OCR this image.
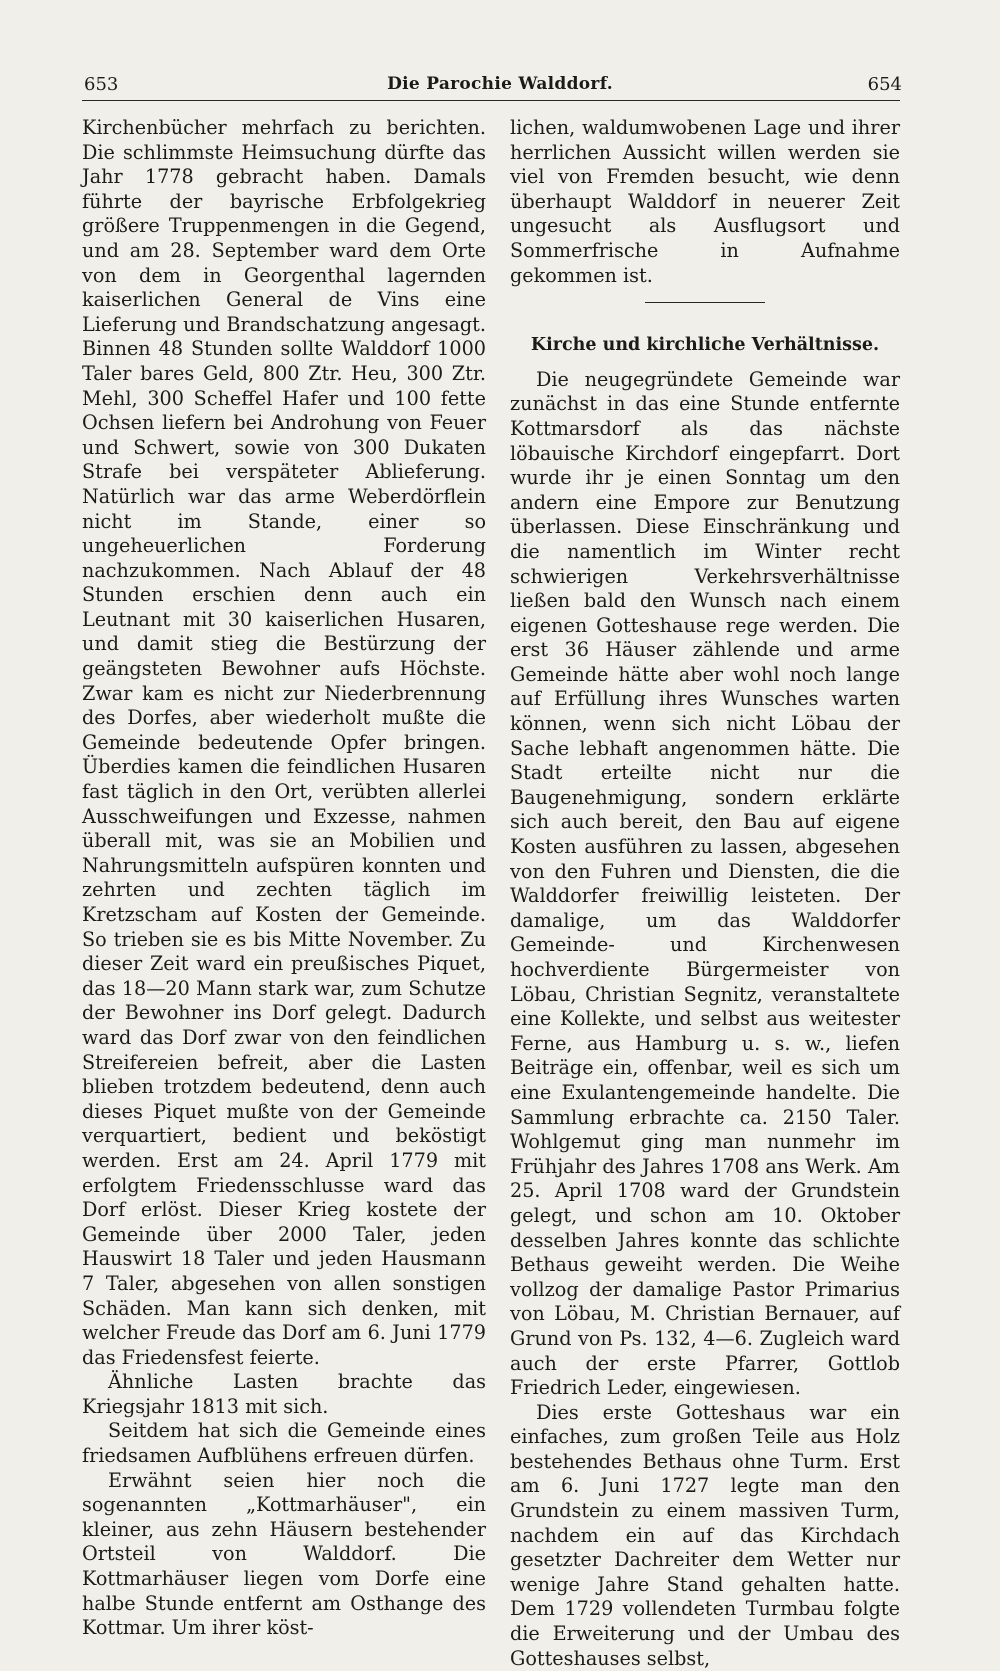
653	Die Parochie Walddorf.	654

Kirchenbücher mehrfach zu berichten. Die schlimmste Heimsuchung dürfte das Jahr 1778 gebracht haben. Damals führte der bayrische Erbfolgekrieg größere Truppenmengen in die Gegend, und am 28. September ward dem Orte von dem in Georgenthal lagernden kaiserlichen General de Vins eine Lieferung und Brandschatzung angesagt. Binnen 48 Stunden sollte Walddorf 1000 Taler bares Geld, 800 Ztr. Heu, 300 Ztr. Mehl, 300 Scheffel Hafer und 100 fette Ochsen liefern bei Androhung von Feuer und Schwert, sowie von 300 Dukaten Strafe bei verspäteter Ablieferung. Natürlich war das arme Weberdörflein nicht im Stande, einer so ungeheuerlichen Forderung nachzukommen. Nach Ablauf der 48 Stunden erschien denn auch ein Leutnant mit 30 kaiserlichen Husaren, und damit stieg die Bestürzung der geängsteten Bewohner aufs Höchste. Zwar kam es nicht zur Niederbrennung des Dorfes, aber wiederholt mußte die Gemeinde bedeutende Opfer bringen. Überdies kamen die feindlichen Husaren fast täglich in den Ort, verübten allerlei Ausschweifungen und Exzesse, nahmen überall mit, was sie an Mobilien und Nahrungsmitteln aufspüren konnten und zehrten und zechten täglich im Kretzscham auf Kosten der Gemeinde. So trieben sie es bis Mitte November. Zu dieser Zeit ward ein preußisches Piquet, das 18—20 Mann stark war, zum Schutze der Bewohner ins Dorf gelegt. Dadurch ward das Dorf zwar von den feindlichen Streifereien befreit, aber die Lasten blieben trotzdem bedeutend, denn auch dieses Piquet mußte von der Gemeinde verquartiert, bedient und beköstigt werden. Erst am 24. April 1779 mit erfolgtem Friedensschlusse ward das Dorf erlöst. Dieser Krieg kostete der Gemeinde über 2000 Taler, jeden Hauswirt 18 Taler und jeden Hausmann 7 Taler, abgesehen von allen sonstigen Schäden. Man kann sich denken, mit welcher Freude das Dorf am 6. Juni 1779 das Friedensfest feierte.

Ähnliche Lasten brachte das Kriegsjahr 1813 mit sich.

Seitdem hat sich die Gemeinde eines friedsamen Aufblühens erfreuen dürfen.

Erwähnt seien hier noch die sogenannten „Kottmarhäuser", ein kleiner, aus zehn Häusern bestehender Ortsteil von Walddorf. Die Kottmarhäuser liegen vom Dorfe eine halbe Stunde entfernt am Osthange des Kottmar. Um ihrer köst-

lichen, waldumwobenen Lage und ihrer herrlichen Aussicht willen werden sie viel von Fremden besucht, wie denn überhaupt Walddorf in neuerer Zeit ungesucht als Ausflugsort und Sommerfrische in Aufnahme gekommen ist.

Kirche und kirchliche Verhältnisse.

Die neugegründete Gemeinde war zunächst in das eine Stunde entfernte Kottmarsdorf als das nächste löbauische Kirchdorf eingepfarrt. Dort wurde ihr je einen Sonntag um den andern eine Empore zur Benutzung überlassen. Diese Einschränkung und die namentlich im Winter recht schwierigen Verkehrsverhältnisse ließen bald den Wunsch nach einem eigenen Gotteshause rege werden. Die erst 36 Häuser zählende und arme Gemeinde hätte aber wohl noch lange auf Erfüllung ihres Wunsches warten können, wenn sich nicht Löbau der Sache lebhaft angenommen hätte. Die Stadt erteilte nicht nur die Baugenehmigung, sondern erklärte sich auch bereit, den Bau auf eigene Kosten ausführen zu lassen, abgesehen von den Fuhren und Diensten, die die Walddorfer freiwillig leisteten. Der damalige, um das Walddorfer Gemeinde- und Kirchenwesen hochverdiente Bürgermeister von Löbau, Christian Segnitz, veranstaltete eine Kollekte, und selbst aus weitester Ferne, aus Hamburg u. s. w., liefen Beiträge ein, offenbar, weil es sich um eine Exulantengemeinde handelte. Die Sammlung erbrachte ca. 2150 Taler. Wohlgemut ging man nunmehr im Frühjahr des Jahres 1708 ans Werk. Am 25. April 1708 ward der Grundstein gelegt, und schon am 10. Oktober desselben Jahres konnte das schlichte Bethaus geweiht werden. Die Weihe vollzog der damalige Pastor Primarius von Löbau, M. Christian Bernauer, auf Grund von Ps. 132, 4—6. Zugleich ward auch der erste Pfarrer, Gottlob Friedrich Leder, eingewiesen.

Dies erste Gotteshaus war ein einfaches, zum großen Teile aus Holz bestehendes Bethaus ohne Turm. Erst am 6. Juni 1727 legte man den Grundstein zu einem massiven Turm, nachdem ein auf das Kirchdach gesetzter Dachreiter dem Wetter nur wenige Jahre Stand gehalten hatte. Dem 1729 vollendeten Turmbau folgte die Erweiterung und der Umbau des Gotteshauses selbst,
